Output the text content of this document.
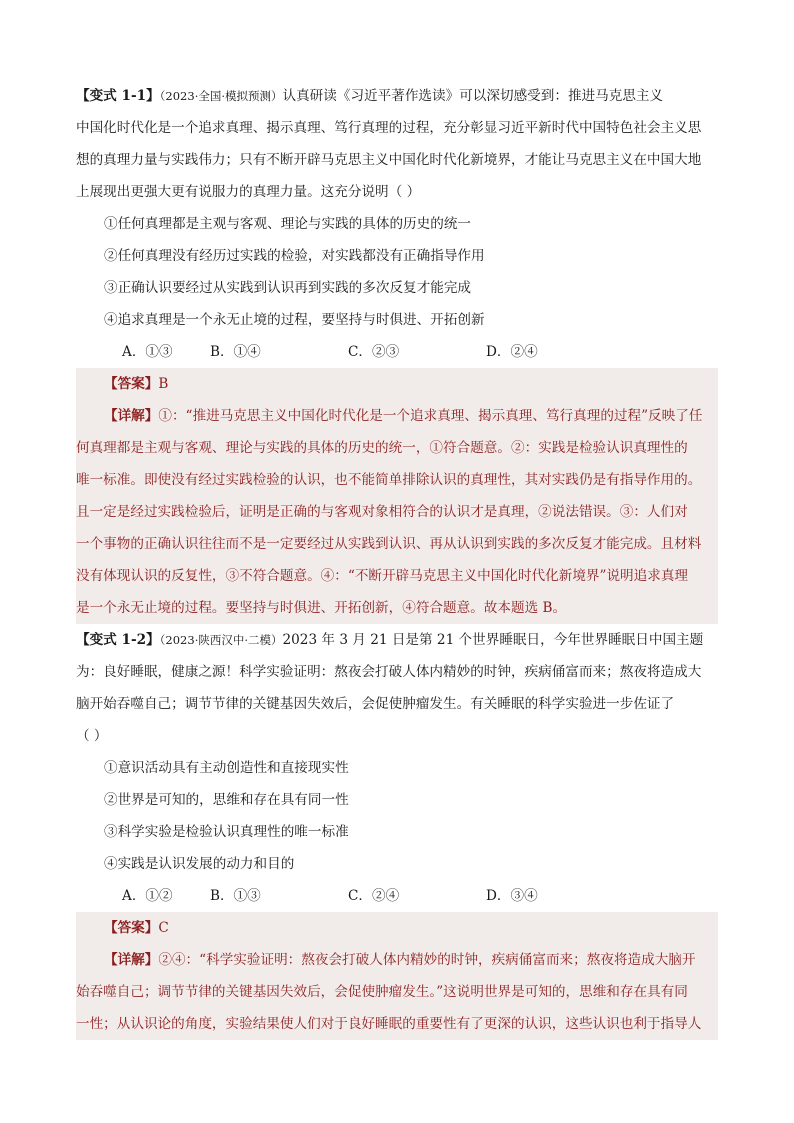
【变式 1-1】（2023·全国·模拟预测）认真研读《习近平著作选读》可以深切感受到：推进马克思主义
中国化时代化是一个追求真理、揭示真理、笃行真理的过程，充分彰显习近平新时代中国特色社会主义思
想的真理力量与实践伟力；只有不断开辟马克思主义中国化时代化新境界，才能让马克思主义在中国大地
上展现出更强大更有说服力的真理力量。这充分说明（ ）
①任何真理都是主观与客观、理论与实践的具体的历史的统一
②任何真理没有经历过实践的检验，对实践都没有正确指导作用
③正确认识要经过从实践到认识再到实践的多次反复才能完成
④追求真理是一个永无止境的过程，要坚持与时俱进、开拓创新
A．①③	B．①④	C．②③	D．②④
【答案】B
【详解】①：“推进马克思主义中国化时代化是一个追求真理、揭示真理、笃行真理的过程”反映了任
何真理都是主观与客观、理论与实践的具体的历史的统一，①符合题意。②：实践是检验认识真理性的
唯一标准。即使没有经过实践检验的认识，也不能简单排除认识的真理性，其对实践仍是有指导作用的。
且一定是经过实践检验后，证明是正确的与客观对象相符合的认识才是真理，②说法错误。③：人们对
一个事物的正确认识往往而不是一定要经过从实践到认识、再从认识到实践的多次反复才能完成。且材料
没有体现认识的反复性，③不符合题意。④：“不断开辟马克思主义中国化时代化新境界”说明追求真理
是一个永无止境的过程。要坚持与时俱进、开拓创新，④符合题意。故本题选 B。
【变式 1-2】（2023·陕西汉中·二模）2023 年 3 月 21 日是第 21 个世界睡眠日，今年世界睡眠日中国主题
为：良好睡眠，健康之源！科学实验证明：熬夜会打破人体内精妙的时钟，疾病俑富而来；熬夜将造成大
脑开始吞噬自己；调节节律的关键基因失效后，会促使肿瘤发生。有关睡眠的科学实验进一步佐证了
（ ）
①意识活动具有主动创造性和直接现实性
②世界是可知的，思维和存在具有同一性
③科学实验是检验认识真理性的唯一标准
④实践是认识发展的动力和目的
A．①②	B．①③	C．②④	D．③④
【答案】C
【详解】②④：“科学实验证明：熬夜会打破人体内精妙的时钟，疾病俑富而来；熬夜将造成大脑开
始吞噬自己；调节节律的关键基因失效后，会促使肿瘤发生。”这说明世界是可知的，思维和存在具有同
一性；从认识论的角度，实验结果使人们对于良好睡眠的重要性有了更深的认识，这些认识也利于指导人
